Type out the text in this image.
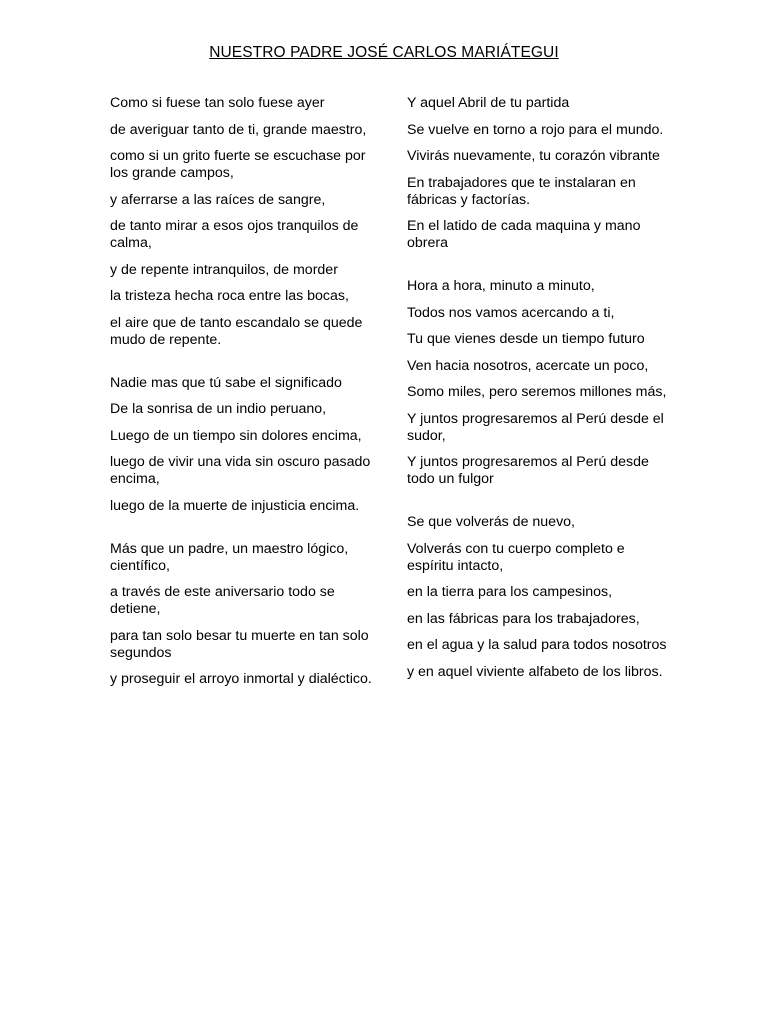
NUESTRO PADRE JOSÉ CARLOS MARIÁTEGUI

Como si fuese tan solo fuese ayer

de averiguar tanto de ti, grande maestro,

como si un grito fuerte se escuchase por los grande campos,

y aferrarse a las raíces de sangre,

de tanto mirar a esos ojos tranquilos de calma,

y de repente intranquilos, de morder

la tristeza hecha roca entre las bocas,

el aire que de tanto escandalo se quede mudo de repente.

Nadie mas que tú sabe el significado

De la sonrisa de un indio peruano,

Luego de un tiempo sin dolores encima,

luego de vivir una vida sin oscuro pasado encima,

luego de la muerte de injusticia encima.

Más que un padre, un maestro lógico, científico,

a través de este aniversario todo se detiene,

para tan solo besar tu muerte en tan solo segundos

y proseguir el arroyo inmortal y dialéctico.

Y aquel Abril de tu partida

Se vuelve en torno a rojo para el mundo.

Vivirás nuevamente, tu corazón vibrante

En trabajadores que te instalaran en fábricas y factorías.

En el latido de cada maquina y mano obrera

Hora a hora, minuto a minuto,

Todos nos vamos acercando a ti,

Tu que vienes desde un tiempo futuro

Ven hacia nosotros, acercate un poco,

Somo miles, pero seremos millones más,

Y juntos progresaremos al Perú desde el sudor,

Y juntos progresaremos al Perú desde todo un fulgor

Se que volverás de nuevo,

Volverás con tu cuerpo completo e espíritu intacto,

en la tierra para los campesinos,

en las fábricas para los trabajadores,

en el agua y la salud para todos nosotros

y en aquel viviente alfabeto de los libros.
